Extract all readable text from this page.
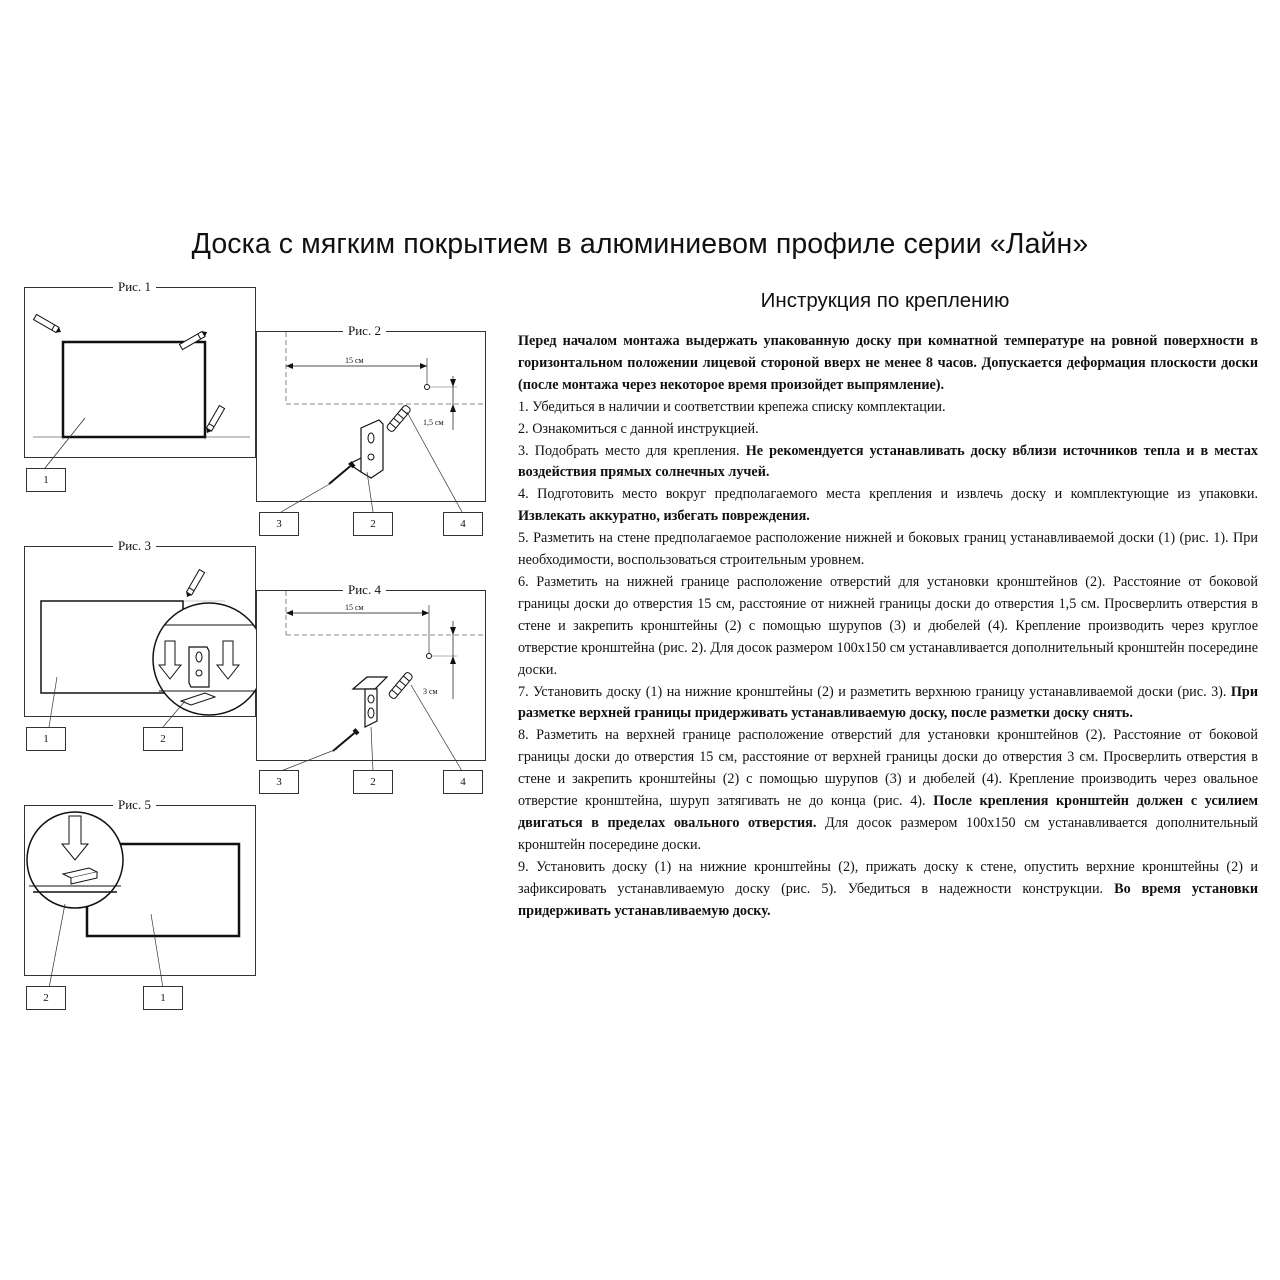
Доска с мягким покрытием в алюминиевом профиле серии «Лайн»
Инструкция по креплению

Перед началом монтажа выдержать упакованную доску при комнатной температуре на ровной поверхности в горизонтальном положении лицевой стороной вверх не менее 8 часов. Допускается деформация плоскости доски (после монтажа через некоторое время произойдет выпрямление).

1. Убедиться в наличии и соответствии крепежа списку комплектации.

2. Ознакомиться с данной инструкцией.

3. Подобрать место для крепления. Не рекомендуется устанавливать доску вблизи источников тепла и в местах воздействия прямых солнечных лучей.

4. Подготовить место вокруг предполагаемого места крепления и извлечь доску и комплектующие из упаковки. Извлекать аккуратно, избегать повреждения.

5. Разметить на стене предполагаемое расположение нижней и боковых границ устанавливаемой доски (1) (рис. 1). При необходимости, воспользоваться строительным уровнем.

6. Разметить на нижней границе расположение отверстий для установки кронштейнов (2). Расстояние от боковой границы доски до отверстия 15 см, расстояние от нижней границы доски до отверстия 1,5 см. Просверлить отверстия в стене и закрепить кронштейны (2) с помощью шурупов (3) и дюбелей (4). Крепление производить через круглое отверстие кронштейна (рис. 2). Для досок размером 100х150 см устанавливается дополнительный кронштейн посередине доски.

7. Установить доску (1) на нижние кронштейны (2) и разметить верхнюю границу устанавливаемой доски (рис. 3). При разметке верхней границы придерживать устанавливаемую доску, после разметки доску снять.

8. Разметить на верхней границе расположение отверстий для установки кронштейнов (2). Расстояние от боковой границы доски до отверстия 15 см, расстояние от верхней границы доски до отверстия 3 см. Просверлить отверстия в стене и закрепить кронштейны (2) с помощью шурупов (3) и дюбелей (4). Крепление производить через овальное отверстие кронштейна, шуруп затягивать не до конца (рис. 4). После крепления кронштейн должен с усилием двигаться в пределах овального отверстия. Для досок размером 100х150 см устанавливается дополнительный кронштейн посередине доски.

9. Установить доску (1) на нижние кронштейны (2), прижать доску к стене, опустить верхние кронштейны (2) и зафиксировать устанавливаемую доску (рис. 5). Убедиться в надежности конструкции. Во время установки придерживать устанавливаемую доску.

Рис. 1
1
Рис. 2
15 см
1,5 см
3	2	4
Рис. 3
1	2
Рис. 4
15 см
3 см
3	2	4
Рис. 5
2	1
